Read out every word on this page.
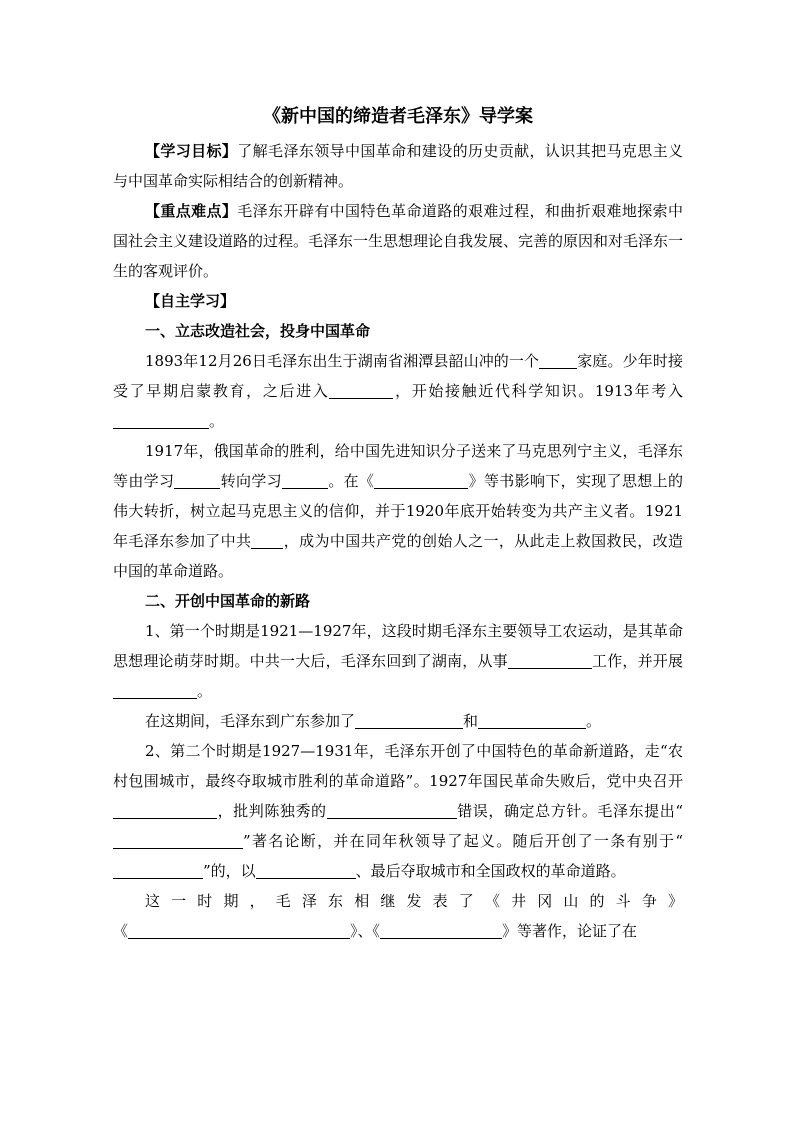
《新中国的缔造者毛泽东》导学案

【学习目标】了解毛泽东领导中国革命和建设的历史贡献，认识其把马克思主义与中国革命实际相结合的创新精神。

【重点难点】毛泽东开辟有中国特色革命道路的艰难过程，和曲折艰难地探索中国社会主义建设道路的过程。毛泽东一生思想理论自我发展、完善的原因和对毛泽东一生的客观评价。

【自主学习】

一、立志改造社会，投身中国革命

1893年12月26日毛泽东出生于湖南省湘潭县韶山冲的一个	家庭。少年时接受了早期启蒙教育，之后进入	，开始接触近代科学知识。1913年考入。

1917年，俄国革命的胜利，给中国先进知识分子送来了马克思列宁主义，毛泽东等由学习	转向学习	。在《	》等书影响下，实现了思想上的伟大转折，树立起马克思主义的信仰，并于1920年底开始转变为共产主义者。1921年毛泽东参加了中共 ，成为中国共产党的创始人之一，从此走上救国救民，改造中国的革命道路。

二、开创中国革命的新路

1、第一个时期是1921—1927年，这段时期毛泽东主要领导工农运动，是其革命思想理论萌芽时期。中共一大后，毛泽东回到了湖南，从事	工作，并开展。

在这期间，毛泽东到广东参加了	和	。

2、第二个时期是1927—1931年，毛泽东开创了中国特色的革命新道路，走“农村包围城市，最终夺取城市胜利的革命道路”。1927年国民革命失败后，党中央召开，批判陈独秀的	错误，确定总方针。毛泽东提出“”著名论断，并在同年秋领导了起义。随后开创了一条有别于“”的，以	、最后夺取城市和全国政权的革命道路。

这一时期，毛泽东相继发表了《井冈山的斗争》

《	》、《	》等著作，论证了在
